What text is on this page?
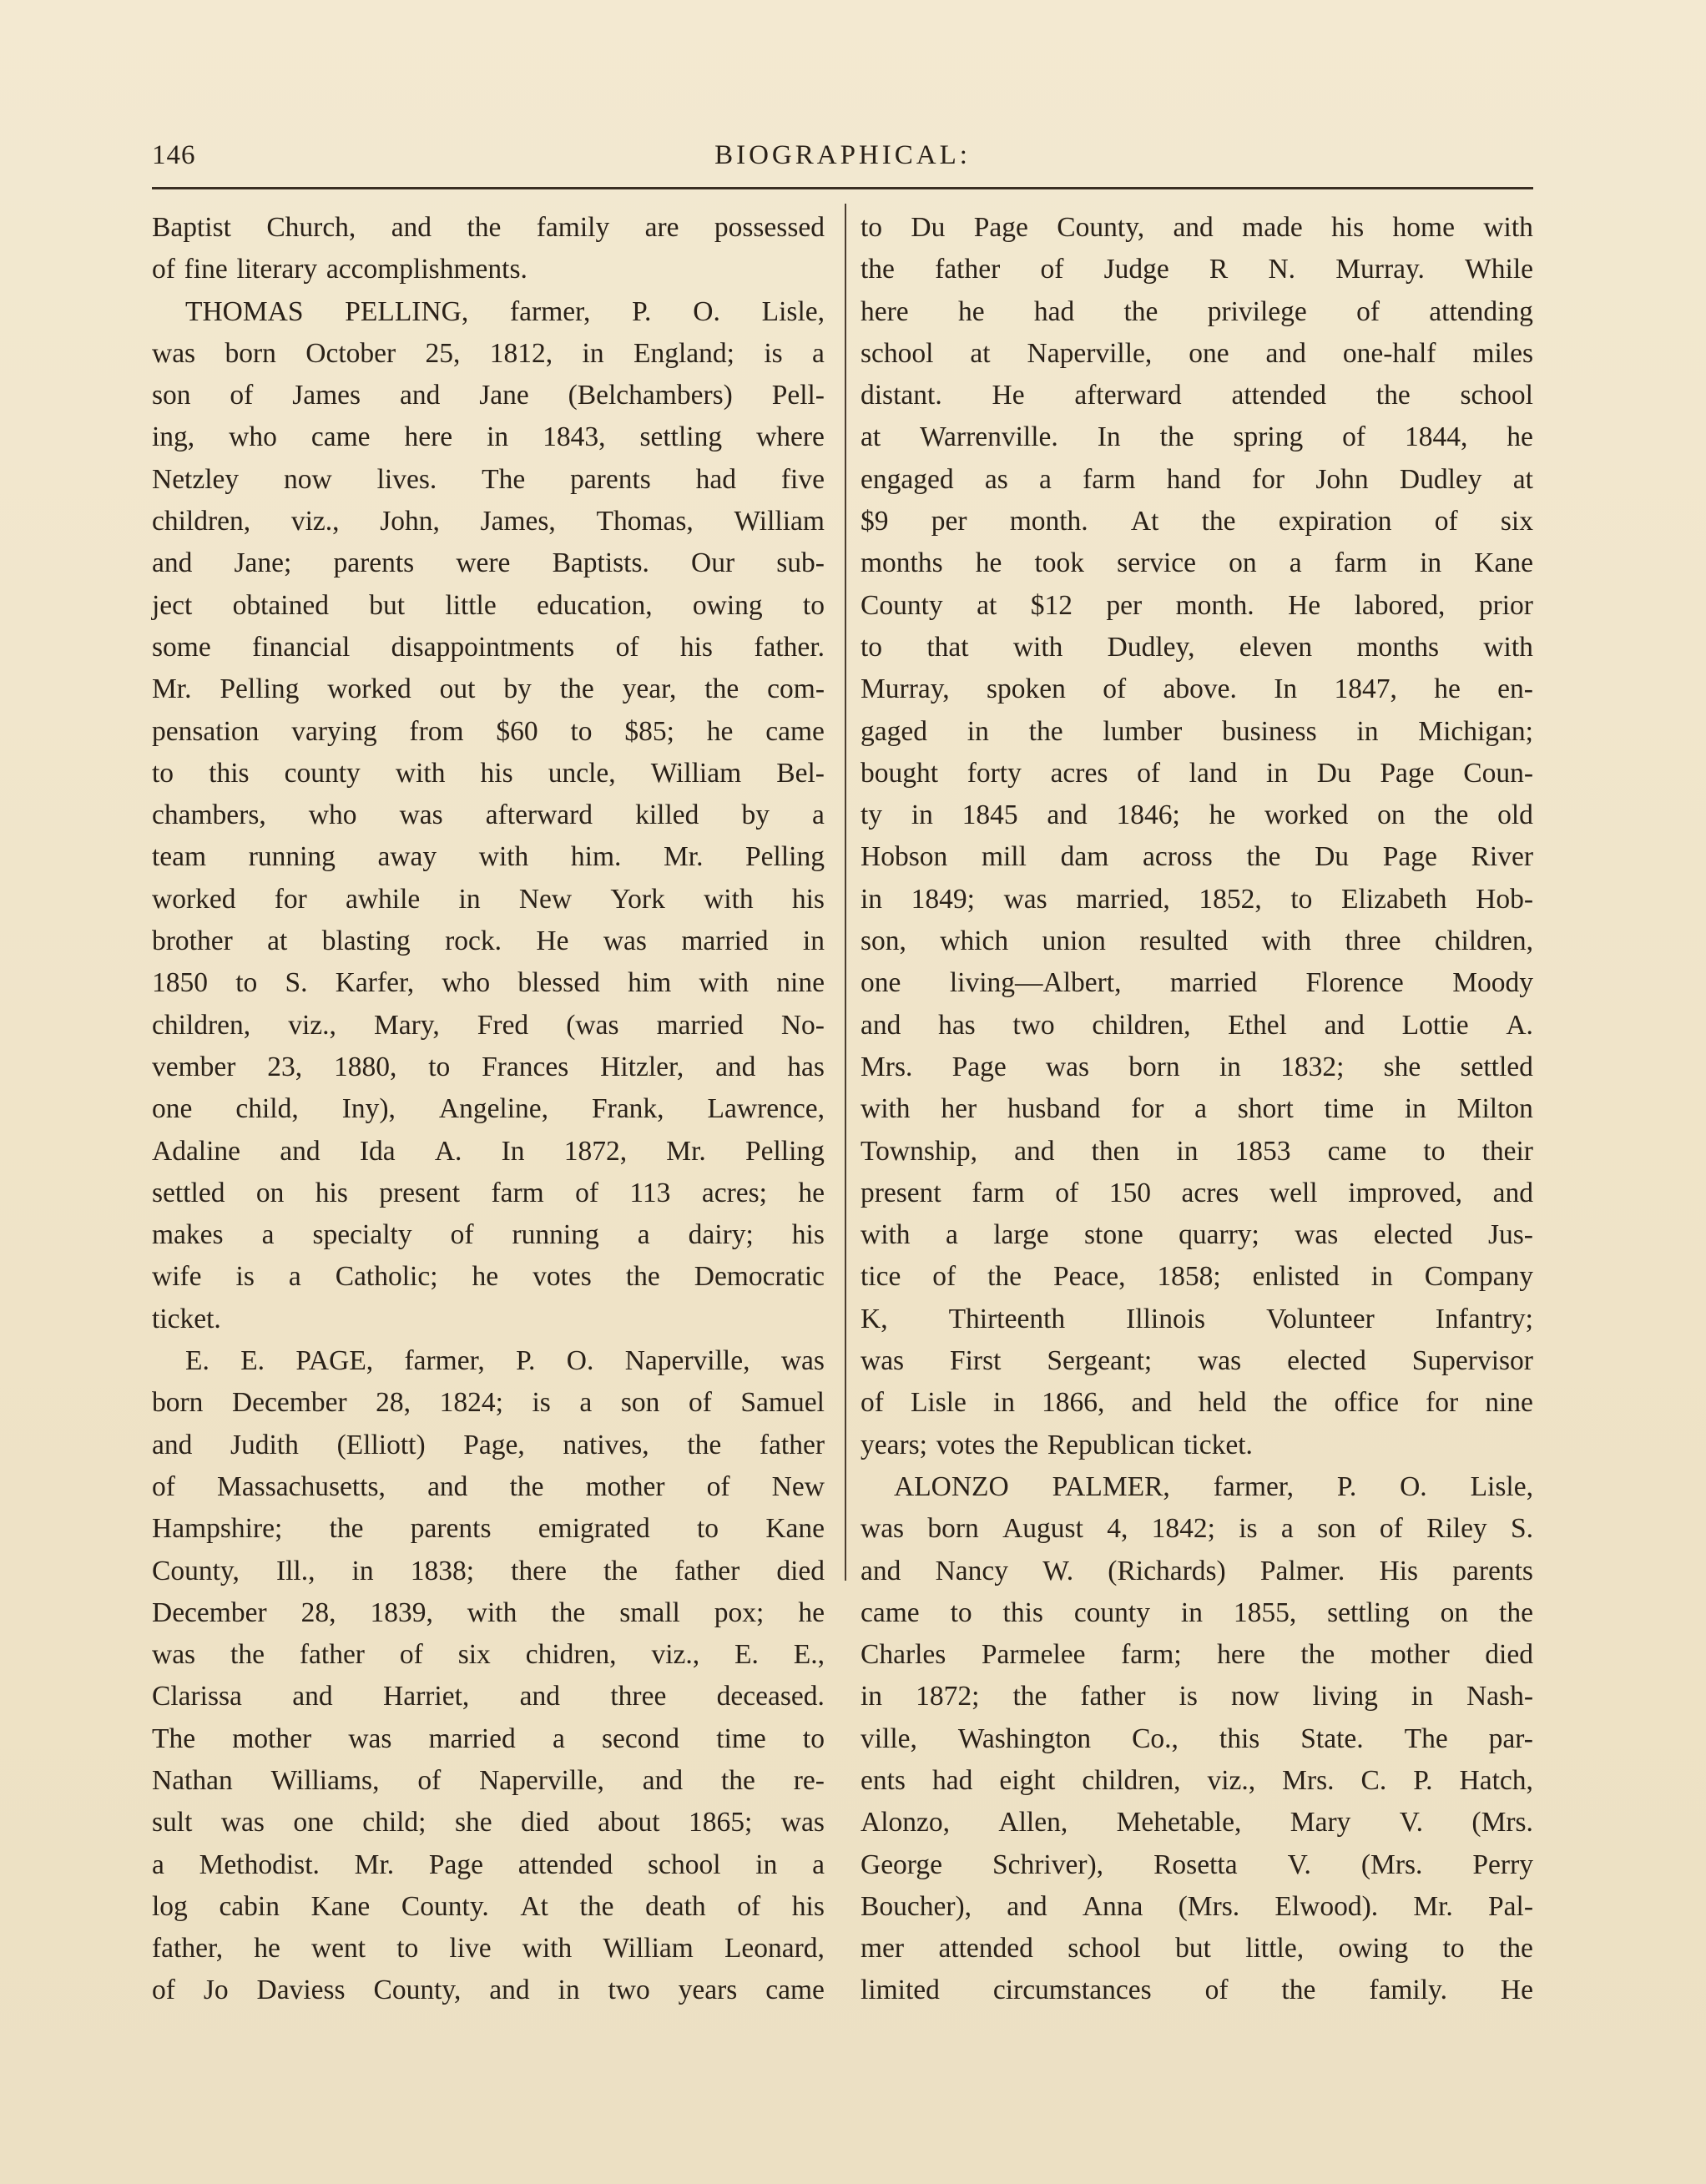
146	BIOGRAPHICAL:
Baptist Church, and the family are possessed
of fine literary accomplishments.
THOMAS PELLING, farmer, P. O. Lisle,
was born October 25, 1812, in England; is a
son of James and Jane (Belchambers) Pell-
ing, who came here in 1843, settling where
Netzley now lives. The parents had five
children, viz., John, James, Thomas, William
and Jane; parents were Baptists. Our sub-
ject obtained but little education, owing to
some financial disappointments of his father.
Mr. Pelling worked out by the year, the com-
pensation varying from $60 to $85; he came
to this county with his uncle, William Bel-
chambers, who was afterward killed by a
team running away with him. Mr. Pelling
worked for awhile in New York with his
brother at blasting rock. He was married in
1850 to S. Karfer, who blessed him with nine
children, viz., Mary, Fred (was married No-
vember 23, 1880, to Frances Hitzler, and has
one child, Iny), Angeline, Frank, Lawrence,
Adaline and Ida A. In 1872, Mr. Pelling
settled on his present farm of 113 acres; he
makes a specialty of running a dairy; his
wife is a Catholic; he votes the Democratic
ticket.
E. E. PAGE, farmer, P. O. Naperville, was
born December 28, 1824; is a son of Samuel
and Judith (Elliott) Page, natives, the father
of Massachusetts, and the mother of New
Hampshire; the parents emigrated to Kane
County, Ill., in 1838; there the father died
December 28, 1839, with the small pox; he
was the father of six chidren, viz., E. E.,
Clarissa and Harriet, and three deceased.
The mother was married a second time to
Nathan Williams, of Naperville, and the re-
sult was one child; she died about 1865; was
a Methodist. Mr. Page attended school in a
log cabin Kane County. At the death of his
father, he went to live with William Leonard,
of Jo Daviess County, and in two years came
to Du Page County, and made his home with
the father of Judge R N. Murray. While
here he had the privilege of attending
school at Naperville, one and one-half miles
distant. He afterward attended the school
at Warrenville. In the spring of 1844, he
engaged as a farm hand for John Dudley at
$9 per month. At the expiration of six
months he took service on a farm in Kane
County at $12 per month. He labored, prior
to that with Dudley, eleven months with
Murray, spoken of above. In 1847, he en-
gaged in the lumber business in Michigan;
bought forty acres of land in Du Page Coun-
ty in 1845 and 1846; he worked on the old
Hobson mill dam across the Du Page River
in 1849; was married, 1852, to Elizabeth Hob-
son, which union resulted with three children,
one living—Albert, married Florence Moody
and has two children, Ethel and Lottie A.
Mrs. Page was born in 1832; she settled
with her husband for a short time in Milton
Township, and then in 1853 came to their
present farm of 150 acres well improved, and
with a large stone quarry; was elected Jus-
tice of the Peace, 1858; enlisted in Company
K, Thirteenth Illinois Volunteer Infantry;
was First Sergeant; was elected Supervisor
of Lisle in 1866, and held the office for nine
years; votes the Republican ticket.
ALONZO PALMER, farmer, P. O. Lisle,
was born August 4, 1842; is a son of Riley S.
and Nancy W. (Richards) Palmer. His parents
came to this county in 1855, settling on the
Charles Parmelee farm; here the mother died
in 1872; the father is now living in Nash-
ville, Washington Co., this State. The par-
ents had eight children, viz., Mrs. C. P. Hatch,
Alonzo, Allen, Mehetable, Mary V. (Mrs.
George Schriver), Rosetta V. (Mrs. Perry
Boucher), and Anna (Mrs. Elwood). Mr. Pal-
mer attended school but little, owing to the
limited circumstances of the family. He
